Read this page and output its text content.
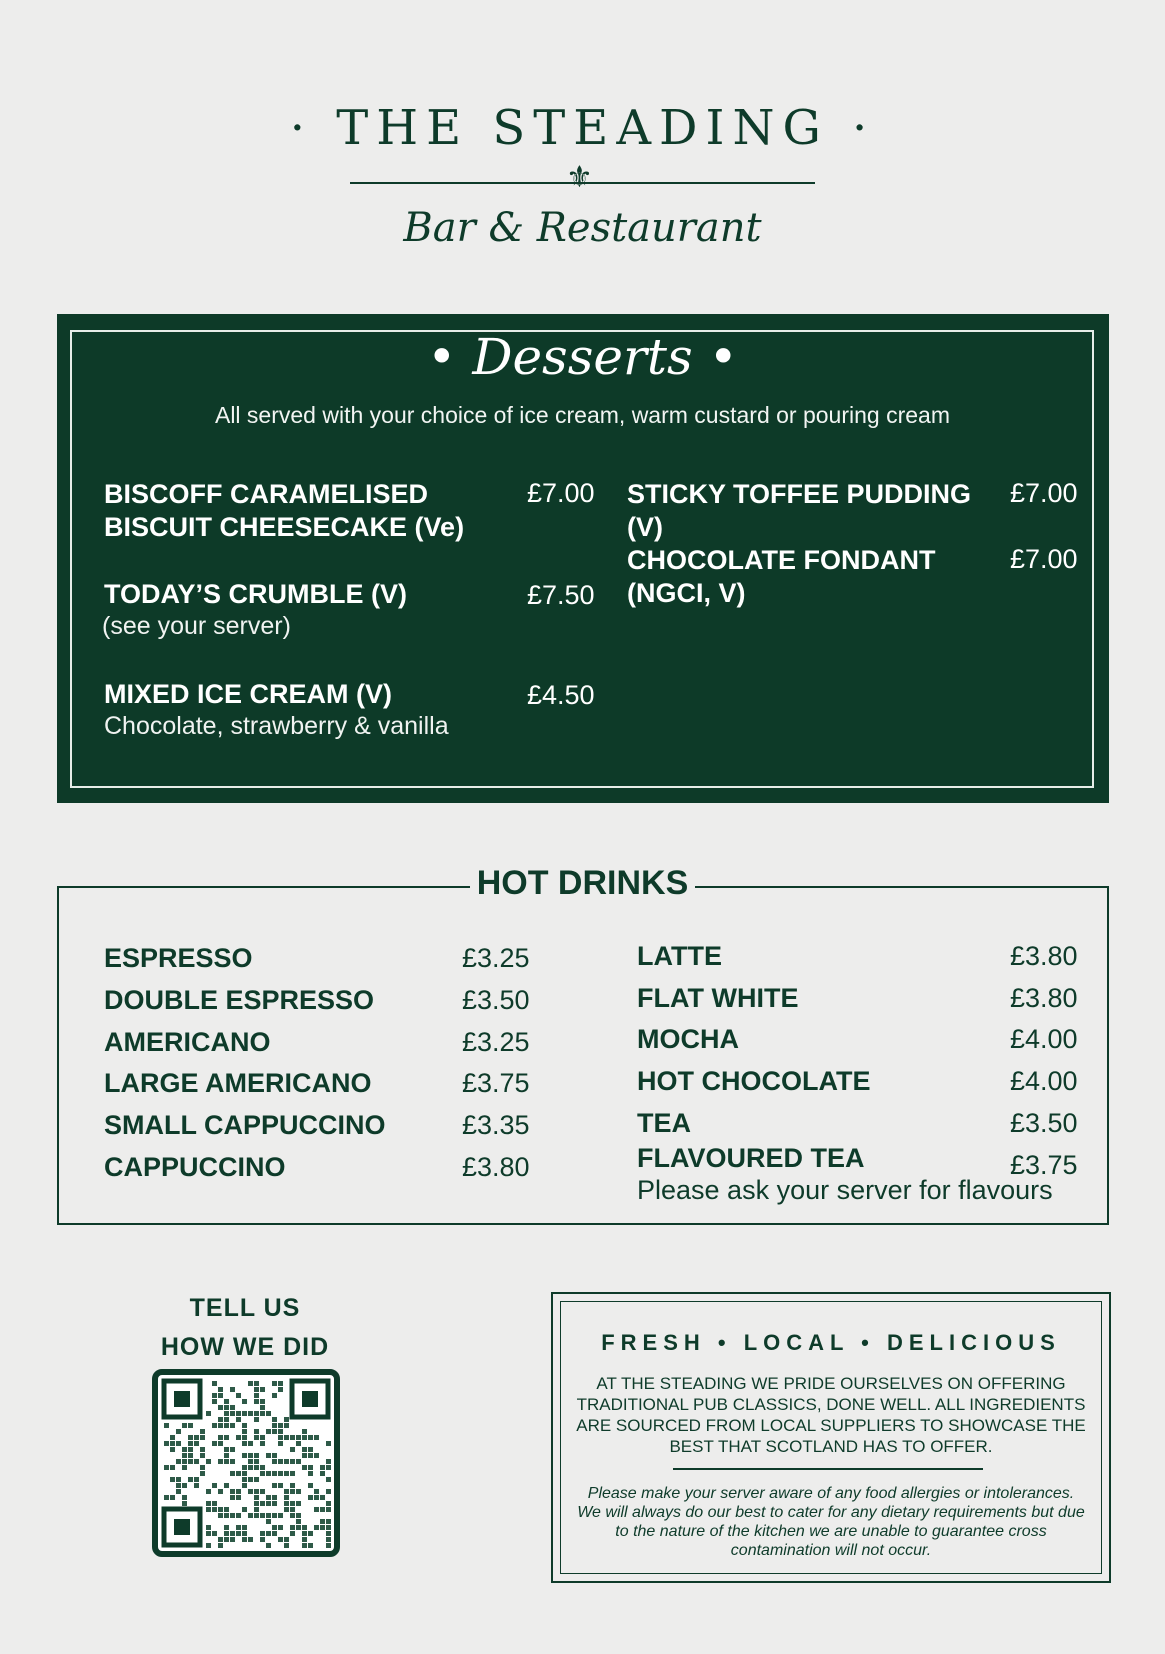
· THE STEADING ·
⚜
Bar & Restaurant
• Desserts •
All served with your choice of ice cream, warm custard or pouring cream
BISCOFF CARAMELISED BISCUIT CHEESECAKE (Ve)
£7.00
TODAY’S CRUMBLE (V)	£7.50
(see your server)
MIXED ICE CREAM (V)	£4.50
Chocolate, strawberry & vanilla
STICKY TOFFEE PUDDING (V)
£7.00
CHOCOLATE FONDANT (NGCI, V)
£7.00
HOT DRINKS
ESPRESSO	£3.25
DOUBLE ESPRESSO	£3.50
AMERICANO	£3.25
LARGE AMERICANO	£3.75
SMALL CAPPUCCINO	£3.35
CAPPUCCINO	£3.80
LATTE	£3.80
FLAT WHITE	£3.80
MOCHA	£4.00
HOT CHOCOLATE	£4.00
TEA	£3.50
FLAVOURED TEA	£3.75
Please ask your server for flavours
TELL US
HOW WE DID	FRESH • LOCAL • DELICIOUS
AT THE STEADING WE PRIDE OURSELVES ON OFFERING TRADITIONAL PUB CLASSICS, DONE WELL. ALL INGREDIENTS ARE SOURCED FROM LOCAL SUPPLIERS TO SHOWCASE THE BEST THAT SCOTLAND HAS TO OFFER.
Please make your server aware of any food allergies or intolerances. We will always do our best to cater for any dietary requirements but due to the nature of the kitchen we are unable to guarantee cross contamination will not occur.
